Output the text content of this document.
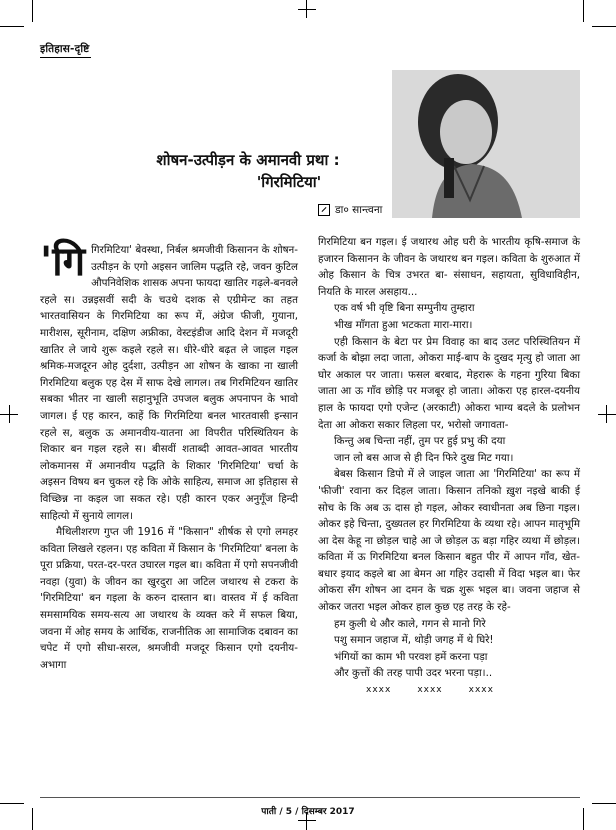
इतिहास-दृष्टि
शोषन-उत्पीड़न के अमानवी प्रथा :
'गिरमिटिया'
डा० सान्त्वना

'गिगिरमिटिया' बेवस्था, निर्बल श्रमजीवी किसानन के शोषन-उत्पीड़न के एगो अइसन जालिम पद्धति रहे, जवन कुटिल औपनिवेशिक शासक अपना फायदा खातिर गढ़ले-बनवले रहले स। उन्नइसवीं सदी के चउथे दशक से एग्रीमेन्ट का तहत भारतवासियन के गिरमिटिया का रूप में, अंग्रेज फीजी, गुयाना, मारीशस, सूरीनाम, दक्षिण अफ्रीका, वेस्टइंडीज आदि देशन में मजदूरी खातिर ले जाये शुरू कइले रहले स। धीरे-धीरे बढ़त ले जाइल गइल श्रमिक-मजदूरन ओह दुर्दशा, उत्पीड़न आ शोषन के खाका ना खाली गिरमिटिया बलुक एह देस में साफ देखे लागल। तब गिरमिटियन खातिर सबका भीतर ना खाली सहानुभूति उपजल बलुक अपनापन के भावो जागल। ई एह कारन, काहें कि गिरमिटिया बनल भारतवासी इन्सान रहले स, बलुक ऊ अमानवीय-यातना आ विपरीत परिस्थितियन के शिकार बन गइल रहले स। बीसवीं शताब्दी आवत-आवत भारतीय लोकमानस में अमानवीय पद्धति के शिकार 'गिरमिटिया' चर्चा के अइसन विषय बन चुकल रहे कि ओके साहित्य, समाज आ इतिहास से विच्छिन्न ना कइल जा सकत रहे। एही कारन एकर अनुगूँज हिन्दी साहित्यो में सुनाये लागल।

मैथिलीशरण गुप्त जी 1916 में "किसान" शीर्षक से एगो लमहर कविता लिखले रहलन। एह कविता में किसान के 'गिरमिटिया' बनला के पूरा प्रक्रिया, परत-दर-परत उघारल गइल बा। कविता में एगो सपनजीवी नवहा (युवा) के जीवन का खुरदुरा आ जटिल जथारथ से टकरा के 'गिरमिटिया' बन गइला के करुन दास्तान बा। वास्तव में ई कविता समसामयिक समय-सत्य आ जथारथ के व्यक्त करे में सफल बिया, जवना में ओह समय के आर्थिक, राजनीतिक आ सामाजिक दबावन का चपेट में एगो सीधा-सरल, श्रमजीवी मजदूर किसान एगो दयनीय-अभागा

गिरमिटिया बन गइल। ई जथारथ ओह घरी के भारतीय कृषि-समाज के हजारन किसानन के जीवन के जथारथ बन गइल। कविता के शुरुआत में ओह किसान के चित्र उभरत बा- संसाधन, सहायता, सुविधाविहीन, नियति के मारल असहाय...

एक वर्ष भी वृष्टि बिना सम्पुनीय तुम्हारा

भीख माँगता हुआ भटकता मारा-मारा।

एही किसान के बेटा पर प्रेम विवाह का बाद उलट परिस्थितियन में कर्जा के बोझा लदा जाता, ओकरा माई-बाप के दुखद मृत्यु हो जाता आ घोर अकाल पर जाता। फसल बरबाद, मेहरारू के गहना गुरिया बिका जाता आ ऊ गाँव छोड़ि पर मजबूर हो जाता। ओकरा एह हारल-दयनीय हाल के फायदा एगो एजेन्ट (अरकाटी) ओकरा भाग्य बदले के प्रलोभन देता आ ओकरा सकार लिहला पर, भरोसो जगावता-

किन्तु अब चिन्ता नहीं, तुम पर हुई प्रभु की दया

जान लो बस आज से ही दिन फिरे दुख मिट गया।

बेबस किसान डिपो में ले जाइल जाता आ 'गिरमिटिया' का रूप में 'फीजी' रवाना कर दिहल जाता। किसान तनिको ख़ुश नइखे बाकी ई सोच के कि अब ऊ दास हो गइल, ओकर स्वाधीनता अब छिना गइल। ओकर इहे चिन्ता, दुख्यतल हर गिरमिटिया के व्यथा रहे। आपन मातृभूमि आ देस केहू ना छोड़ल चाहे आ जे छोड़ल ऊ बड़ा गहिर व्यथा में छोड़ल। कविता में ऊ गिरमिटिया बनल किसान बहुत पीर में आपन गाँव, खेत-बधार इयाद कइले बा आ बेमन आ गहिर उदासी में विदा भइल बा। फेर ओकरा सँग शोषन आ दमन के चक्र शुरू भइल बा। जवना जहाज से ओकर जतरा भइल ओकर हाल कुछ एह तरह के रहे-

हम कुली थे और काले, गगन से मानो गिरे

पशु समान जहाज में, थोड़ी जगह में थे घिरे!

भंगियों का काम भी परवश हमें करना पड़ा

और कुत्तों की तरह पापी उदर भरना पड़ा।..

xxxx	xxxx	xxxx
पाती / 5 / दिसम्बर 2017
